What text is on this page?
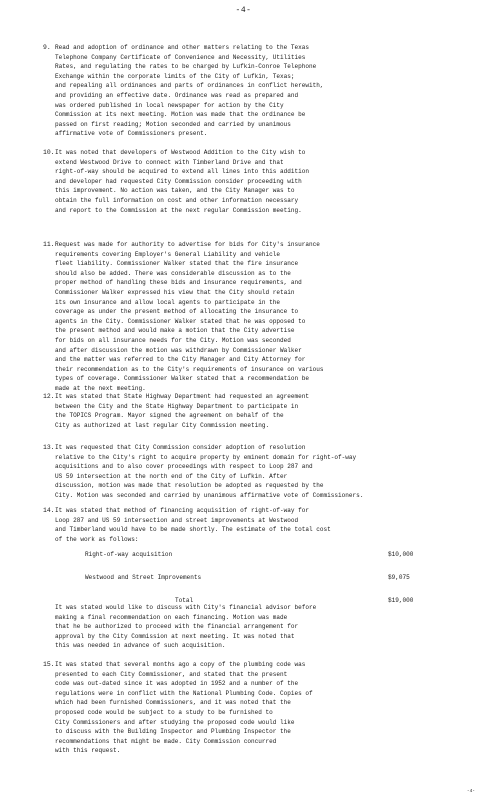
-4-
9. Read and adoption of ordinance and other matters relating to the Texas
Telephone Company Certificate of Convenience and Necessity, Utilities
Rates, and regulating the rates to be charged by Lufkin-Conroe Telephone
Exchange within the corporate limits of the City of Lufkin, Texas;
and repealing all ordinances and parts of ordinances in conflict herewith,
and providing an effective date. Ordinance was read as prepared and
was ordered published in local newspaper for action by the City
Commission at its next meeting. Motion was made that the ordinance be
passed on first reading; Motion seconded and carried by unanimous
affirmative vote of Commissioners present.
10. It was noted that developers of Westwood Addition to the City wish to
extend Westwood Drive to connect with Timberland Drive and that
right-of-way should be acquired to extend all lines into this addition
and developer had requested City Commission consider proceeding with
this improvement. No action was taken, and the City Manager was to
obtain the full information on cost and other information necessary
and report to the Commission at the next regular Commission meeting.
11. Request was made for authority to advertise for bids for City's insurance
requirements covering Employer's General Liability and vehicle
fleet liability. Commissioner Walker stated that the fire insurance
should also be added. There was considerable discussion as to the
proper method of handling these bids and insurance requirements, and
Commissioner Walker expressed his view that the City should retain
its own insurance and allow local agents to participate in the
coverage as under the present method of allocating the insurance to
agents in the City. Commissioner Walker stated that he was opposed to
the present method and would make a motion that the City advertise
for bids on all insurance needs for the City. Motion was seconded
and after discussion the motion was withdrawn by Commissioner Walker
and the matter was referred to the City Manager and City Attorney for
their recommendation as to the City's requirements of insurance on various
types of coverage. Commissioner Walker stated that a recommendation be
made at the next meeting.
12. It was stated that State Highway Department had requested an agreement
between the City and the State Highway Department to participate in
the TOPICS Program. Mayor signed the agreement on behalf of the
City as authorized at last regular City Commission meeting.
13. It was requested that City Commission consider adoption of resolution
relative to the City's right to acquire property by eminent domain for right-of-way
acquisitions and to also cover proceedings with respect to Loop 287 and
US 59 intersection at the north end of the City of Lufkin. After
discussion, motion was made that resolution be adopted as requested by the
City. Motion was seconded and carried by unanimous affirmative vote of Commissioners.
14. It was stated that method of financing acquisition of right-of-way for
Loop 287 and US 59 intersection and street improvements at Westwood
and Timberland would have to be made shortly. The estimate of the total cost
of the work as follows:
It was stated would like to discuss with City's financial advisor before
making a final recommendation on each financing. Motion was made
that he be authorized to proceed with the financial arrangement for
approval by the City Commission at next meeting. It was noted that
this was needed in advance of such acquisition.
15. It was stated that several months ago a copy of the plumbing code was
presented to each City Commissioner, and stated that the present
code was out-dated since it was adopted in 1952 and a number of the
regulations were in conflict with the National Plumbing Code. Copies of
which had been furnished Commissioners, and it was noted that the
proposed code would be subject to a study to be furnished to
City Commissioners and after studying the proposed code would like
to discuss with the Building Inspector and Plumbing Inspector the
recommendations that might be made. City Commission concurred
with this request.
Right-of-way acquisition	$10,000
Westwood and Street Improvements	$9,075
Total	$19,000
-4-
